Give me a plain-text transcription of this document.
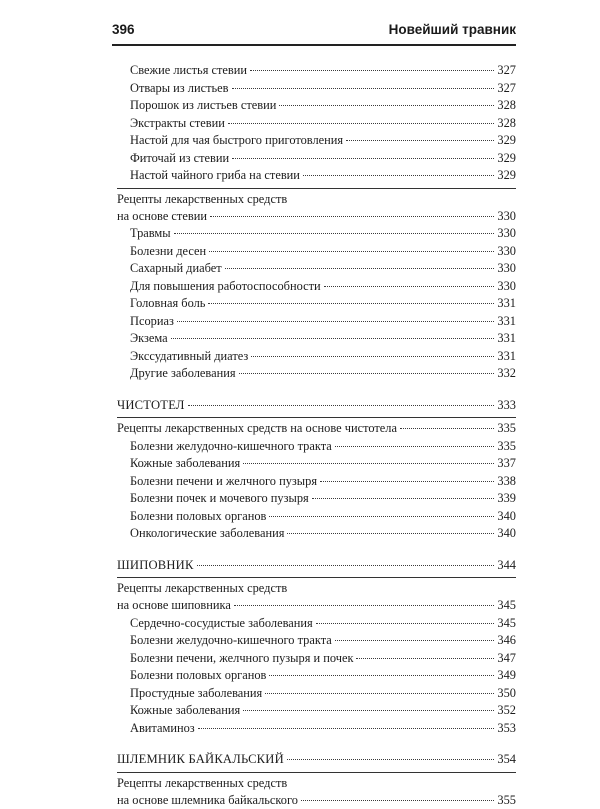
396	Новейший травник
Свежие листья стевии	327
Отвары из листьев	327
Порошок из листьев стевии	328
Экстракты стевии	328
Настой для чая быстрого приготовления	329
Фиточай из стевии	329
Настой чайного гриба на стевии	329
Рецепты лекарственных средств
на основе стевии	330
Травмы	330
Болезни десен	330
Сахарный диабет	330
Для повышения работоспособности	330
Головная боль	331
Псориаз	331
Экзема	331
Экссудативный диатез	331
Другие заболевания	332
ЧИСТОТЕЛ	333
Рецепты лекарственных средств на основе чистотела	335
Болезни желудочно-кишечного тракта	335
Кожные заболевания	337
Болезни печени и желчного пузыря	338
Болезни почек и мочевого пузыря	339
Болезни половых органов	340
Онкологические заболевания	340
ШИПОВНИК	344
Рецепты лекарственных средств
на основе шиповника	345
Сердечно-сосудистые заболевания	345
Болезни желудочно-кишечного тракта	346
Болезни печени, желчного пузыря и почек	347
Болезни половых органов	349
Простудные заболевания	350
Кожные заболевания	352
Авитаминоз	353
ШЛЕМНИК БАЙКАЛЬСКИЙ	354
Рецепты лекарственных средств
на основе шлемника байкальского	355
